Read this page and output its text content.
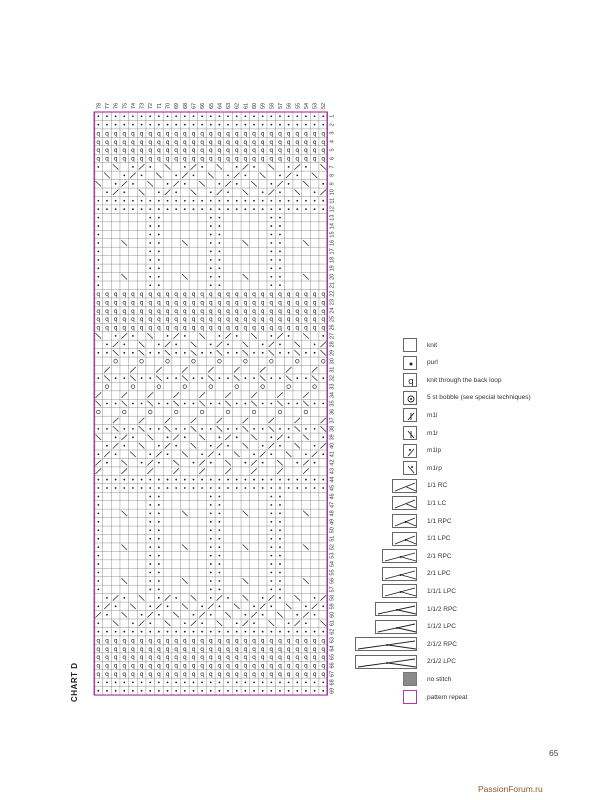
CHART D
q q q q q q q q q q q q q q q q q q q q q q q q q q q
q q q q q q q q q q q q q q q q q q q q q q q q q q q
q q q q q q q q q q q q q q q q q q q q q q q q q q q
q q q q q q q q q q q q q q q q q q q q q q q q q q q
q q q q q q q q q q q q q q q q q q q q q q q q q q q
q q q q q q q q q q q q q q q q q q q q q q q q q q q
q q q q q q q q q q q q q q q q q q q q q q q q q q q
q q q q q q q q q q q q q q q q q q q q q q q q q q q
q q q q q q q q q q q q q q q q q q q q q q q q q q q
q q q q q q q q q q q q q q q q q q q q q q q q q q q
q q q q q q q q q q q q q q q q q q q q q q q q q q q
q q q q q q q q q q q q q q q q q q q q q q q q q q q
q q q q q q q q q q q q q q q q q q q q q q q q q q q
q q q q q q q q q q q q q q q q q q q q q q q q q q q
78 77 76 75 74 73 72 71 70 69 68 67 66 65 64 63 62 61 60 59 58 57 56 55 54 53 52
1
2
3
4
5
6
7
8
9
10
11
12
13
14
15
16
17
18
19
20
21
22
23
24
25
26
27
28
29
30
31
32
33
34
35
36
37
38
39
40
41
42
43
44
45
46
47
48
49
50
51
52
53
54
55
56
57
58
59
60
61
62
63
64
65
66
67
68
69
knit
purl
q knit through the back loop
5 st bobble (see special techniques)
m1l
m1r
m1lp
m1rp
1/1 RC
1/1 LC
1/1 RPC
1/1 LPC
2/1 RPC
2/1 LPC
1/1/1 LPC
1/1/2 RPC
1/1/2 LPC
2/1/2 RPC
2/1/2 LPC
no stitch
pattern repeat
65
PassionForum.ru
